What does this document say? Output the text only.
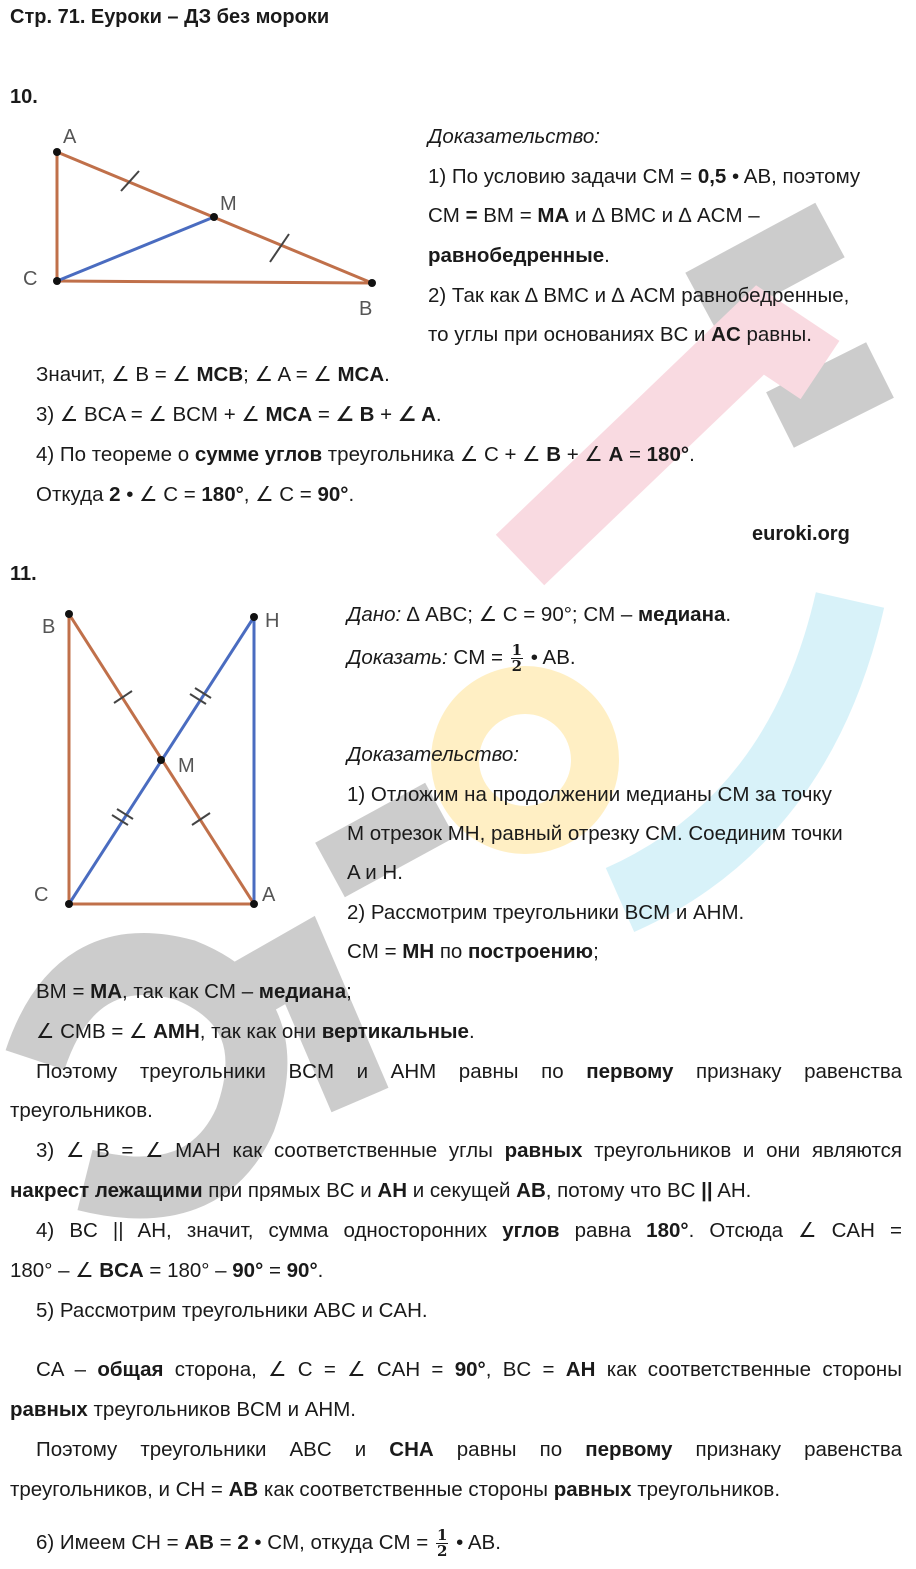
Стр. 71. Еуроки – ДЗ без мороки
10.
A
M
C
B
Доказательство:
1) По условию задачи CM = 0,5 • AB, поэтому
CM = BM = MA и ∆ BMC и ∆ ACM –
равнобедренные.
2) Так как ∆ BMC и ∆ ACM равнобедренные,
то углы при основаниях BC и AC равны.
Значит, ∠ B = ∠ MCB; ∠ A = ∠ MCA.
3) ∠ BCA = ∠ BCM + ∠ MCA = ∠ B + ∠ A.
4) По теореме о сумме углов треугольника ∠ C + ∠ B + ∠ A = 180°.
Откуда 2 • ∠ C = 180°, ∠ C = 90°.
euroki.org
11.
B	H
M
C	A
Дано: ∆ ABC; ∠ C = 90°; CM – медиана.
Доказать: CM = $\frac{1}{2}$ • AB.
Доказательство:
1) Отложим на продолжении медианы CM за точку
M отрезок MH, равный отрезку CM. Соединим точки
A и H.
2) Рассмотрим треугольники BCM и AHM.
CM = MH по построению;
BM = MA, так как CM – медиана;
∠ CMB = ∠ AMH, так как они вертикальные.
Поэтому треугольники BCM и AHM равны по первому признаку равенства
треугольников.
3) ∠ B = ∠ MAH как соответственные углы равных треугольников и они являются
накрест лежащими при прямых BC и AH и секущей AB, потому что BC || AH.
4) BC || AH, значит, сумма односторонних углов равна 180°. Отсюда ∠ CAH =
180° – ∠ BCA = 180° – 90° = 90°.
5) Рассмотрим треугольники ABC и CAH.
CA – общая сторона, ∠ C = ∠ CAH = 90°, BC = AH как соответственные стороны
равных треугольников BCM и AHM.
Поэтому треугольники ABC и CHA равны по первому признаку равенства
треугольников, и CH = AB как соответственные стороны равных треугольников.
6) Имеем CH = AB = 2 • CM, откуда CM = $\frac{1}{2}$ • AB.
